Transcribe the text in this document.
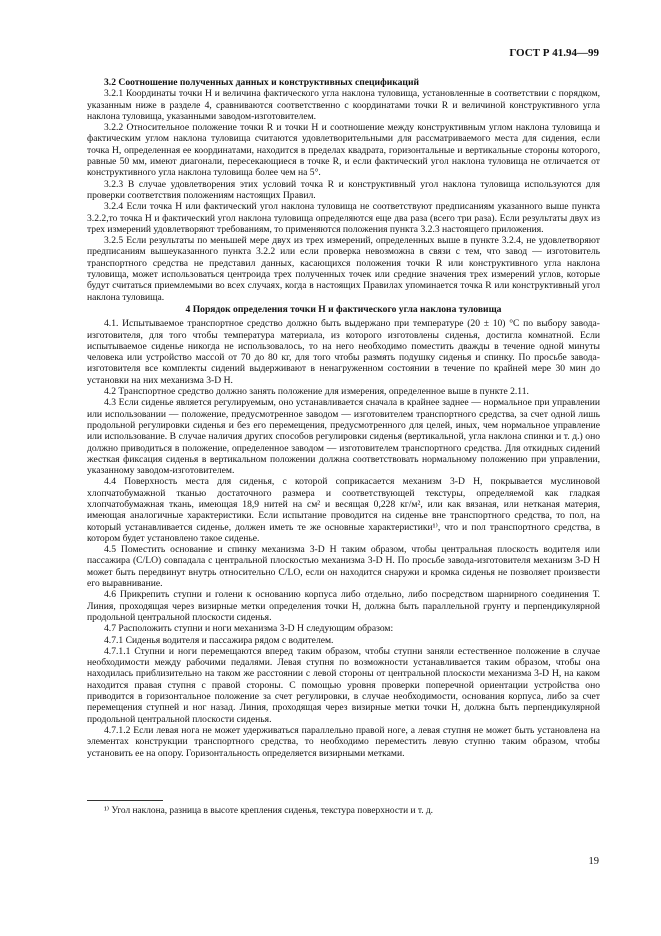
ГОСТ Р 41.94—99
3.2 Соотношение полученных данных и конструктивных спецификаций

3.2.1 Координаты точки H и величина фактического угла наклона туловища, установленные в соответствии с порядком, указанным ниже в разделе 4, сравниваются соответственно с координатами точки R и величиной конструктивного угла наклона туловища, указанными заводом-изготовителем.

3.2.2 Относительное положение точки R и точки H и соотношение между конструктивным углом наклона туловища и фактическим углом наклона туловища считаются удовлетворительными для рассматриваемого места для сидения, если точка H, определенная ее координатами, находится в пределах квадрата, горизонтальные и вертикальные стороны которого, равные 50 мм, имеют диагонали, пересекающиеся в точке R, и если фактический угол наклона туловища не отличается от конструктивного угла наклона туловища более чем на 5°.

3.2.3 В случае удовлетворения этих условий точка R и конструктивный угол наклона туловища используются для проверки соответствия положениям настоящих Правил.

3.2.4 Если точка H или фактический угол наклона туловища не соответствуют предписаниям указанного выше пункта 3.2.2,то точка H и фактический угол наклона туловища определяются еще два раза (всего три раза). Если результаты двух из трех измерений удовлетворяют требованиям, то применяются положения пункта 3.2.3 настоящего приложения.

3.2.5 Если результаты по меньшей мере двух из трех измерений, определенных выше в пункте 3.2.4, не удовлетворяют предписаниям вышеуказанного пункта 3.2.2 или если проверка невозможна в связи с тем, что завод — изготовитель транспортного средства не представил данных, касающихся положения точки R или конструктивного угла наклона туловища, может использоваться центроида трех полученных точек или средние значения трех измерений углов, которые будут считаться приемлемыми во всех случаях, когда в настоящих Правилах упоминается точка R или конструктивный угол наклона туловища.

4 Порядок определения точки H и фактического угла наклона туловища

4.1. Испытываемое транспортное средство должно быть выдержано при температуре (20 ± 10) °С по выбору завода-изготовителя, для того чтобы температура материала, из которого изготовлены сиденья, достигла комнатной. Если испытываемое сиденье никогда не использовалось, то на него необходимо поместить дважды в течение одной минуты человека или устройство массой от 70 до 80 кг, для того чтобы размять подушку сиденья и спинку. По просьбе завода-изготовителя все комплекты сидений выдерживают в ненагруженном состоянии в течение по крайней мере 30 мин до установки на них механизма 3-D H.

4.2 Транспортное средство должно занять положение для измерения, определенное выше в пункте 2.11.

4.3 Если сиденье является регулируемым, оно устанавливается сначала в крайнее заднее — нормальное при управлении или использовании — положение, предусмотренное заводом — изготовителем транспортного средства, за счет одной лишь продольной регулировки сиденья и без его перемещения, предусмотренного для целей, иных, чем нормальное управление или использование. В случае наличия других способов регулировки сиденья (вертикальной, угла наклона спинки и т. д.) оно должно приводиться в положение, определенное заводом — изготовителем транспортного средства. Для откидных сидений жесткая фиксация сиденья в вертикальном положении должна соответствовать нормальному положению при управлении, указанному заводом-изготовителем.

4.4 Поверхность места для сиденья, с которой соприкасается механизм 3-D H, покрывается муслиновой хлопчатобумажной тканью достаточного размера и соответствующей текстуры, определяемой как гладкая хлопчатобумажная ткань, имеющая 18,9 нитей на см² и весящая 0,228 кг/м², или как вязаная, или нетканая материя, имеющая аналогичные характеристики. Если испытание проводится на сиденье вне транспортного средства, то пол, на который устанавливается сиденье, должен иметь те же основные характеристики¹⁾, что и пол транспортного средства, в котором будет установлено такое сиденье.

4.5 Поместить основание и спинку механизма 3-D H таким образом, чтобы центральная плоскость водителя или пассажира (С/LO) совпадала с центральной плоскостью механизма 3-D H. По просьбе завода-изготовителя механизм 3-D H может быть передвинут внутрь относительно С/LO, если он находится снаружи и кромка сиденья не позволяет произвести его выравнивание.

4.6 Прикрепить ступни и голени к основанию корпуса либо отдельно, либо посредством шарнирного соединения Т. Линия, проходящая через визирные метки определения точки H, должна быть параллельной грунту и перпендикулярной продольной центральной плоскости сиденья.

4.7 Расположить ступни и ноги механизма 3-D H следующим образом:

4.7.1 Сиденья водителя и пассажира рядом с водителем.

4.7.1.1 Ступни и ноги перемещаются вперед таким образом, чтобы ступни заняли естественное положение в случае необходимости между рабочими педалями. Левая ступня по возможности устанавливается таким образом, чтобы она находилась приблизительно на таком же расстоянии с левой стороны от центральной плоскости механизма 3-D H, на каком находится правая ступня с правой стороны. С помощью уровня проверки поперечной ориентации устройства оно приводится в горизонтальное положение за счет регулировки, в случае необходимости, основания корпуса, либо за счет перемещения ступней и ног назад. Линия, проходящая через визирные метки точки H, должна быть перпендикулярной продольной центральной плоскости сиденья.

4.7.1.2 Если левая нога не может удерживаться параллельно правой ноге, а левая ступня не может быть установлена на элементах конструкции транспортного средства, то необходимо переместить левую ступню таким образом, чтобы установить ее на опору. Горизонтальность определяется визирными метками.

¹⁾ Угол наклона, разница в высоте крепления сиденья, текстура поверхности и т. д.
19
